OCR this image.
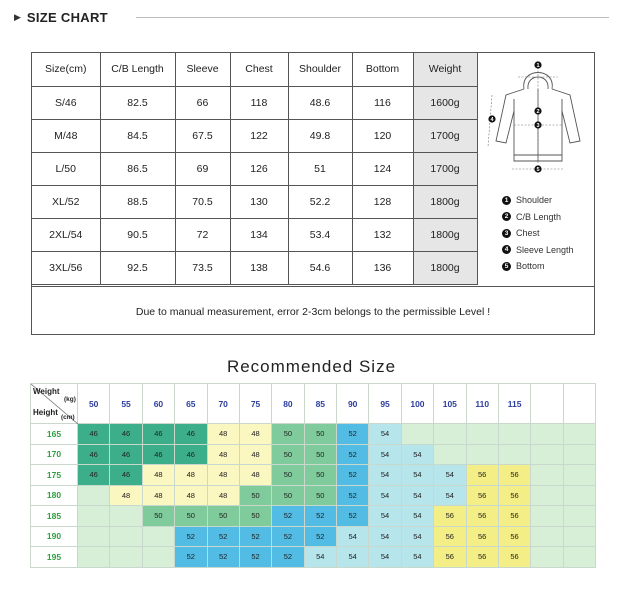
▶ SIZE CHART
Size(cm)	C/B Length	Sleeve	Chest	Shoulder	Bottom	Weight
S/46	82.5	66	118	48.6	116	1600g
M/48	84.5	67.5	122	49.8	120	1700g
L/50	86.5	69	126	51	124	1700g
XL/52	88.5	70.5	130	52.2	128	1800g
2XL/54	90.5	72	134	53.4	132	1800g
3XL/56	92.5	73.5	138	54.6	136	1800g
1
2
3
4
5
1 Shoulder
2 C/B Length
3 Chest
4 Sleeve Length
5 Bottom
Due to manual measurement, error 2-3cm belongs to the permissible Level !
Recommended Size
Weight
(kg)
Height
(cm)	50	55	60	65	70	75	80	85	90	95	100	105	110	115		
165	46	46	46	46	48	48	50	50	52	54						
170	46	46	46	46	48	48	50	50	52	54	54					
175	46	46	48	48	48	48	50	50	52	54	54	54	56	56		
180		48	48	48	48	50	50	50	52	54	54	54	56	56		
185			50	50	50	50	52	52	52	54	54	56	56	56		
190				52	52	52	52	52	54	54	54	56	56	56		
195				52	52	52	52	54	54	54	54	56	56	56		
